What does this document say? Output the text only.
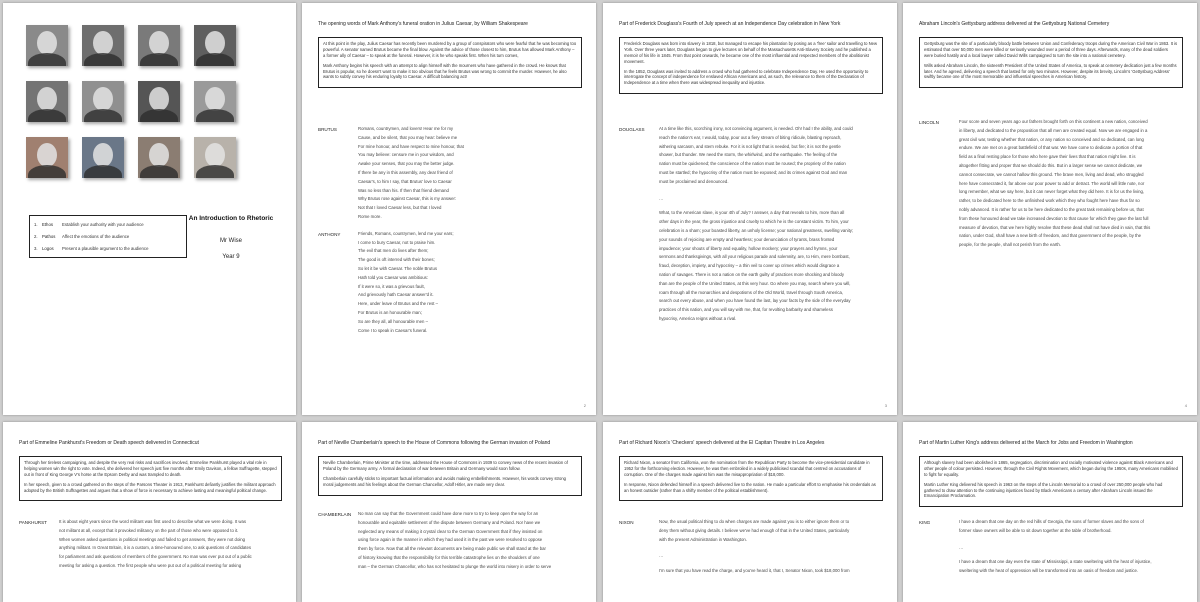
1.	Ethos	Establish your authority with your audience
2.	Pathos	Affect the emotions of the audience
3.	Logos	Present a plausible argument to the audience
An Introduction to Rhetoric
Mr Wise
Year 9
The opening words of Mark Anthony's funeral oration in Julius Caesar, by William Shakespeare

At this point in the play, Julius Caesar has recently been murdered by a group of conspirators who were fearful that he was becoming too powerful. A senator named Brutus became the final blow. Against the advice of those closest to him, Brutus has allowed Mark Anthony – a former ally of Caesar – to speak at the funeral. However, it is he who speaks first. When his turn comes,

Mark Anthony begins his speech with an attempt to align himself with the mourners who have gathered in the crowd. He knows that Brutus is popular, so he doesn't want to make it too obvious that he feels Brutus was wrong to commit the murder. However, he also wants to subtly convey his enduring loyalty to Caesar. A difficult balancing act!

BRUTUS	Romans, countrymen, and lovers! Hear me for my
Cause, and be silent, that you may hear: believe me
For mine honour, and have respect to mine honour, that
You may believe: censure me in your wisdom, and
Awake your senses, that you may the better judge.
If there be any in this assembly, any dear friend of
Caesar's, to him I say, that Brutus' love to Caesar
Was no less than his. If then that friend demand
Why Brutus rose against Caesar, this is my answer:
Not that I loved Caesar less, but that I loved
Rome more.
ANTHONY	Friends, Romans, countrymen, lend me your ears;
I come to bury Caesar, not to praise him.
The evil that men do lives after them;
The good is oft interred with their bones;
So let it be with Caesar. The noble Brutus
Hath told you Caesar was ambitious:
If it were so, it was a grievous fault,
And grievously hath Caesar answer'd it.
Here, under leave of Brutus and the rest –
For Brutus is an honourable man;
So are they all, all honourable men –
Come I to speak in Caesar's funeral.
2
Part of Frederick Douglass's Fourth of July speech at an Independence Day celebration in New York

Frederick Douglass was born into slavery in 1818, but managed to escape his plantation by posing as a 'free' sailor and travelling to New York. Over three years later, Douglass began to give lectures on behalf of the Massachusetts Anti-Slavery Society and he published a memoir of his life in 1845. From that point onwards, he became one of the most influential and respected members of the abolitionist movement.

In the 1852, Douglass was invited to address a crowd who had gathered to celebrate Independence Day. He used the opportunity to interrogate the concept of independence for enslaved African Americans and, as such, the relevance to them of the Declaration of Independence at a time when there was widespread inequality and injustice.

DOUGLASS	At a time like this, scorching irony, not convincing argument, is needed. Oh! had I the ability, and could
reach the nation's ear, I would, today, pour out a fiery stream of biting ridicule, blasting reproach,
withering sarcasm, and stern rebuke. For it is not light that is needed, but fire; it is not the gentle
shower, but thunder. We need the storm, the whirlwind, and the earthquake. The feeling of the
nation must be quickened; the conscience of the nation must be roused; the propriety of the nation
must be startled; the hypocrisy of the nation must be exposed; and its crimes against God and man
must be proclaimed and denounced.
…
What, to the American slave, is your 4th of July? I answer, a day that reveals to him, more than all
other days in the year, the gross injustice and cruelty to which he is the constant victim. To him, your
celebration is a sham; your boasted liberty, an unholy license; your national greatness, swelling vanity;
your sounds of rejoicing are empty and heartless; your denunciation of tyrants, brass fronted
impudence; your shouts of liberty and equality, hollow mockery; your prayers and hymns, your
sermons and thanksgivings, with all your religious parade and solemnity, are, to Him, mere bombast,
fraud, deception, impiety, and hypocrisy – a thin veil to cover up crimes which would disgrace a
nation of savages. There is not a nation on the earth guilty of practices more shocking and bloody
than are the people of the United States, at this very hour. Go where you may, search where you will,
roam through all the monarchies and despotisms of the Old World, travel through South America,
search out every abuse, and when you have found the last, lay your facts by the side of the everyday
practices of this nation, and you will say with me, that, for revolting barbarity and shameless
hypocrisy, America reigns without a rival.
3
Abraham Lincoln's Gettysburg address delivered at the Gettysburg National Cemetery

Gettysburg was the site of a particularly bloody battle between Union and Confederacy troops during the American Civil War in 1863. It is estimated that over 50,000 men were killed or seriously wounded over a period of three days. Afterwards, many of the dead soldiers were buried hastily and a local lawyer called David Wills campaigned to turn the site into a national cemetery.

Wills asked Abraham Lincoln, the sixteenth President of the United States of America, to speak at cemetery dedication just a few months later. And he agreed, delivering a speech that lasted for only two minutes. However, despite its brevity, Lincoln's 'Gettysburg Address' swiftly became one of the most memorable and influential speeches in American history.

LINCOLN	Four score and seven years ago our fathers brought forth on this continent a new nation, conceived
in liberty, and dedicated to the proposition that all men are created equal. Now we are engaged in a
great civil war, testing whether that nation, or any nation so conceived and so dedicated, can long
endure. We are met on a great battlefield of that war. We have come to dedicate a portion of that
field as a final resting place for those who here gave their lives that that nation might live. It is
altogether fitting and proper that we should do this. But in a larger sense we cannot dedicate, we
cannot consecrate, we cannot hallow this ground. The brave men, living and dead, who struggled
here have consecrated it, far above our poor power to add or detract. The world will little note, nor
long remember, what we say here, but it can never forget what they did here. It is for us the living,
rather, to be dedicated here to the unfinished work which they who fought here have thus far so
nobly advanced. It is rather for us to be here dedicated to the great task remaining before us, that
from these honoured dead we take increased devotion to that cause for which they gave the last full
measure of devotion, that we here highly resolve that these dead shall not have died in vain, that this
nation, under God, shall have a new birth of freedom, and that government of the people, by the
people, for the people, shall not perish from the earth.
4
Part of Emmeline Pankhurst's Freedom or Death speech delivered in Connecticut

Through her tireless campaigning, and despite the very real risks and sacrifices involved, Emmeline Pankhurst played a vital role in helping women win the right to vote. Indeed, she delivered her speech just five months after Emily Davison, a fellow Suffragette, stepped out in front of King George V's horse at the Epsom Derby and was trampled to death.

In her speech, given to a crowd gathered on the steps of the Parsons Theater in 1913, Pankhurst defiantly justifies the militant approach adopted by the British Suffragettes and argues that a show of force is necessary to achieve lasting and meaningful political change.

PANKHURST	It is about eight years since the word militant was first used to describe what we were doing. It was
not militant at all, except that it provoked militancy on the part of those who were opposed to it.
When women asked questions in political meetings and failed to get answers, they were not doing
anything militant. In Great Britain, it is a custom, a time-honoured one, to ask questions of candidates
for parliament and ask questions of members of the government. No man was ever put out of a public
meeting for asking a question. The first people who were put out of a political meeting for asking
Part of Neville Chamberlain's speech to the House of Commons following the German invasion of Poland

Neville Chamberlain, Prime Minister at the time, addressed the House of Commons in 1939 to convey news of the recent invasion of Poland by the Germany army. A formal declaration of war between Britain and Germany would soon follow.

Chamberlain carefully sticks to important factual information and avoids making embellishments. However, his words convey strong moral judgements and his feelings about the German Chancellor, Adolf Hitler, are made very clear.

CHAMBERLAIN	No man can say that the Government could have done more to try to keep open the way for an
honourable and equitable settlement of the dispute between Germany and Poland. Nor have we
neglected any means of making it crystal clear to the German Government that if they insisted on
using force again in the manner in which they had used it in the past we were resolved to oppose
them by force. Now that all the relevant documents are being made public we shall stand at the bar
of history knowing that the responsibility for this terrible catastrophe lies on the shoulders of one
man – the German Chancellor, who has not hesitated to plunge the world into misery in order to serve
Part of Richard Nixon's 'Checkers' speech delivered at the El Capitan Theatre in Los Angeles

Richard Nixon, a senator from California, won the nomination from the Republican Party to become the vice-presidential candidate in 1952 for the forthcoming election. However, he was then embroiled in a widely publicised scandal that centred on accusations of corruption. One of the charges made against him was the misappropriation of $18,000.

In response, Nixon defended himself in a speech delivered live to the nation. He made a particular effort to emphasise his credentials as an honest outsider (rather than a shifty member of the political establishment).

NIXON	Now, the usual political thing to do when charges are made against you is to either ignore them or to
deny them without giving details. I believe we've had enough of that in the United States, particularly
with the present Administration in Washington.
…
I'm sure that you have read the charge, and you've heard it, that I, Senator Nixon, took $18,000 from
Part of Martin Luther King's address delivered at the March for Jobs and Freedom in Washington

Although slavery had been abolished in 1865, segregation, discrimination and racially motivated violence against Black Americans and other people of colour persisted. However, through the Civil Rights Movement, which began during the 1950s, many Americans mobilised to fight for equality.

Martin Luther King delivered his speech in 1963 on the steps of the Lincoln Memorial to a crowd of over 250,000 people who had gathered to draw attention to the continuing injustices faced by Black Americans a century after Abraham Lincoln issued the Emancipation Proclamation.

KING	I have a dream that one day on the red hills of Georgia, the sons of former slaves and the sons of
former slave owners will be able to sit down together at the table of brotherhood.
…
I have a dream that one day even the state of Mississippi, a state sweltering with the heat of injustice,
sweltering with the heat of oppression will be transformed into an oasis of freedom and justice.
